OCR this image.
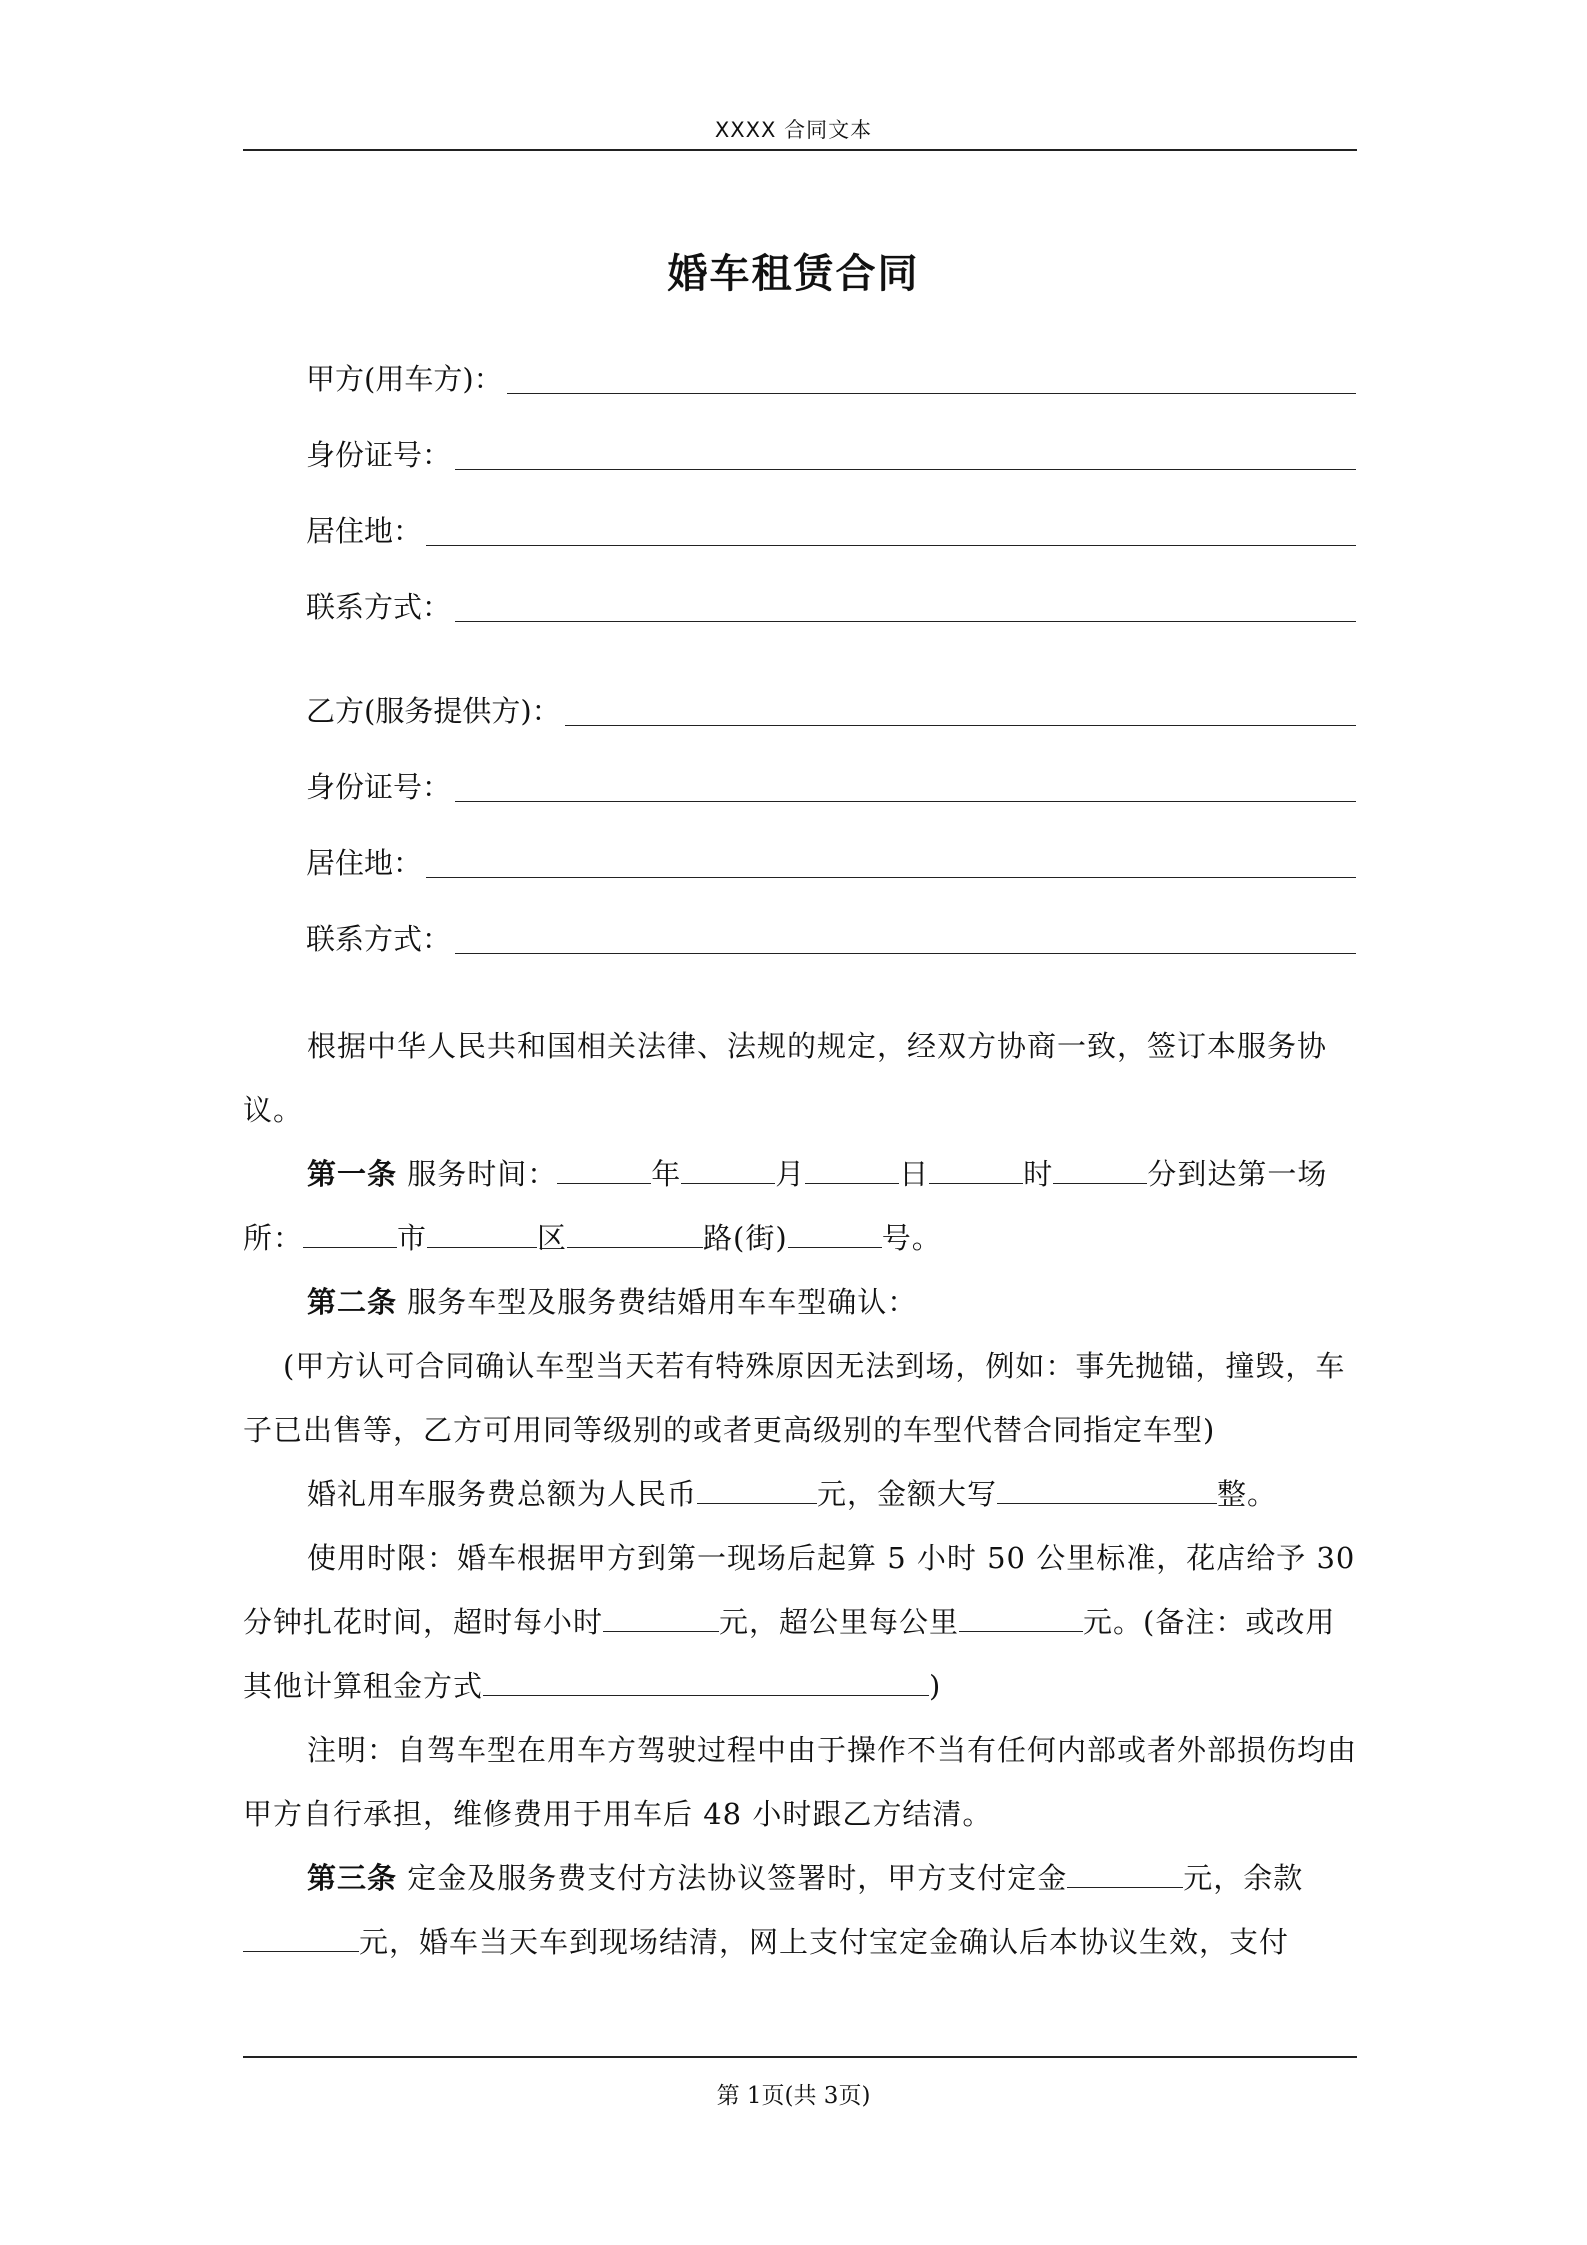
XXXX 合同文本
婚车租赁合同
甲方(用车方)：
身份证号：
居住地：
联系方式：
乙方(服务提供方)：
身份证号：
居住地：
联系方式：

根据中华人民共和国相关法律、法规的规定，经双方协商一致，签订本服务协议。

第一条 服务时间：	年	月	日	时	分到达第一场所：	市	区	路(街)	号。

第二条 服务车型及服务费结婚用车车型确认：

(甲方认可合同确认车型当天若有特殊原因无法到场，例如：事先抛锚，撞毁，车子已出售等，乙方可用同等级别的或者更高级别的车型代替合同指定车型)

婚礼用车服务费总额为人民币	元，金额大写	整。

使用时限：婚车根据甲方到第一现场后起算 5 小时 50 公里标准，花店给予 30 分钟扎花时间，超时每小时	元，超公里每公里	元。(备注：或改用其他计算租金方式	)

注明：自驾车型在用车方驾驶过程中由于操作不当有任何内部或者外部损伤均由甲方自行承担，维修费用于用车后 48 小时跟乙方结清。

第三条 定金及服务费支付方法协议签署时，甲方支付定金	元，余款元，婚车当天车到现场结清，网上支付宝定金确认后本协议生效，支付

第 1页(共 3页)
